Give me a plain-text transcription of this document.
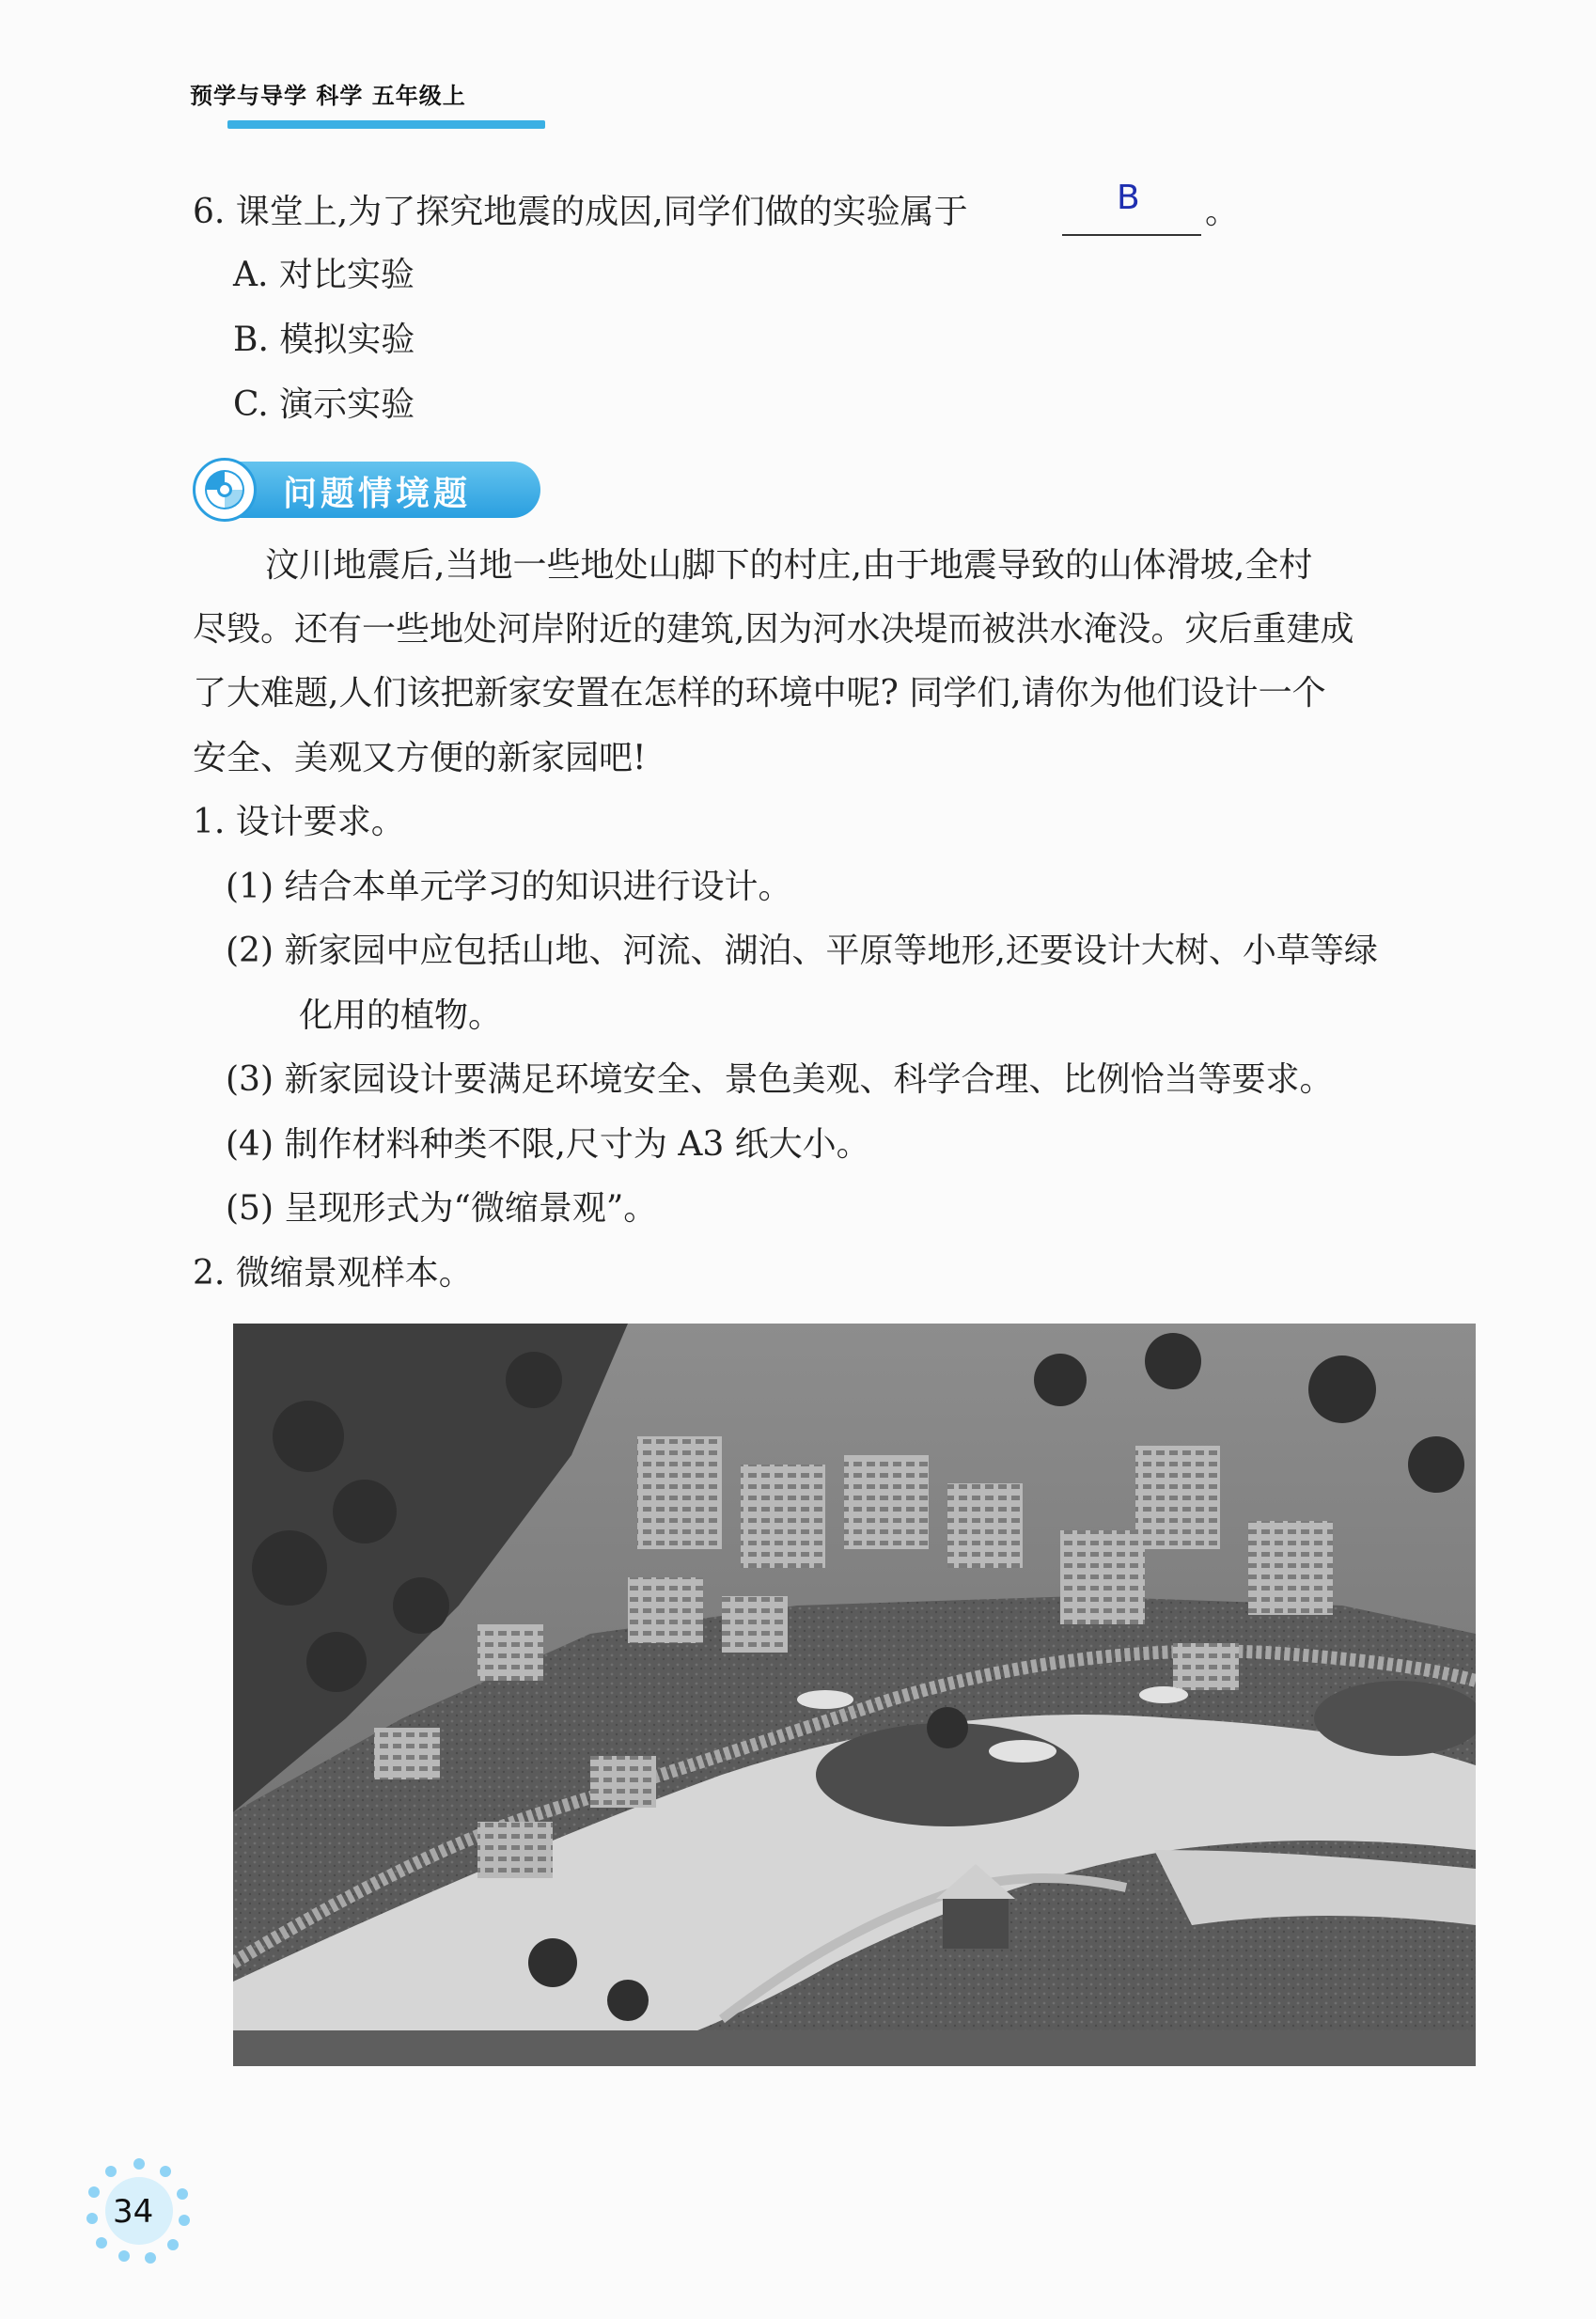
预学与导学 科学 五年级上
6. 课堂上,为了探究地震的成因,同学们做的实验属于	B 。
A. 对比实验
B. 模拟实验
C. 演示实验
问题情境题
汶川地震后,当地一些地处山脚下的村庄,由于地震导致的山体滑坡,全村
尽毁。还有一些地处河岸附近的建筑,因为河水决堤而被洪水淹没。灾后重建成
了大难题,人们该把新家安置在怎样的环境中呢? 同学们,请你为他们设计一个
安全、美观又方便的新家园吧!
1. 设计要求。
(1) 结合本单元学习的知识进行设计。
(2) 新家园中应包括山地、河流、湖泊、平原等地形,还要设计大树、小草等绿
化用的植物。
(3) 新家园设计要满足环境安全、景色美观、科学合理、比例恰当等要求。
(4) 制作材料种类不限,尺寸为 A3 纸大小。
(5) 呈现形式为“微缩景观”。
2. 微缩景观样本。
34
